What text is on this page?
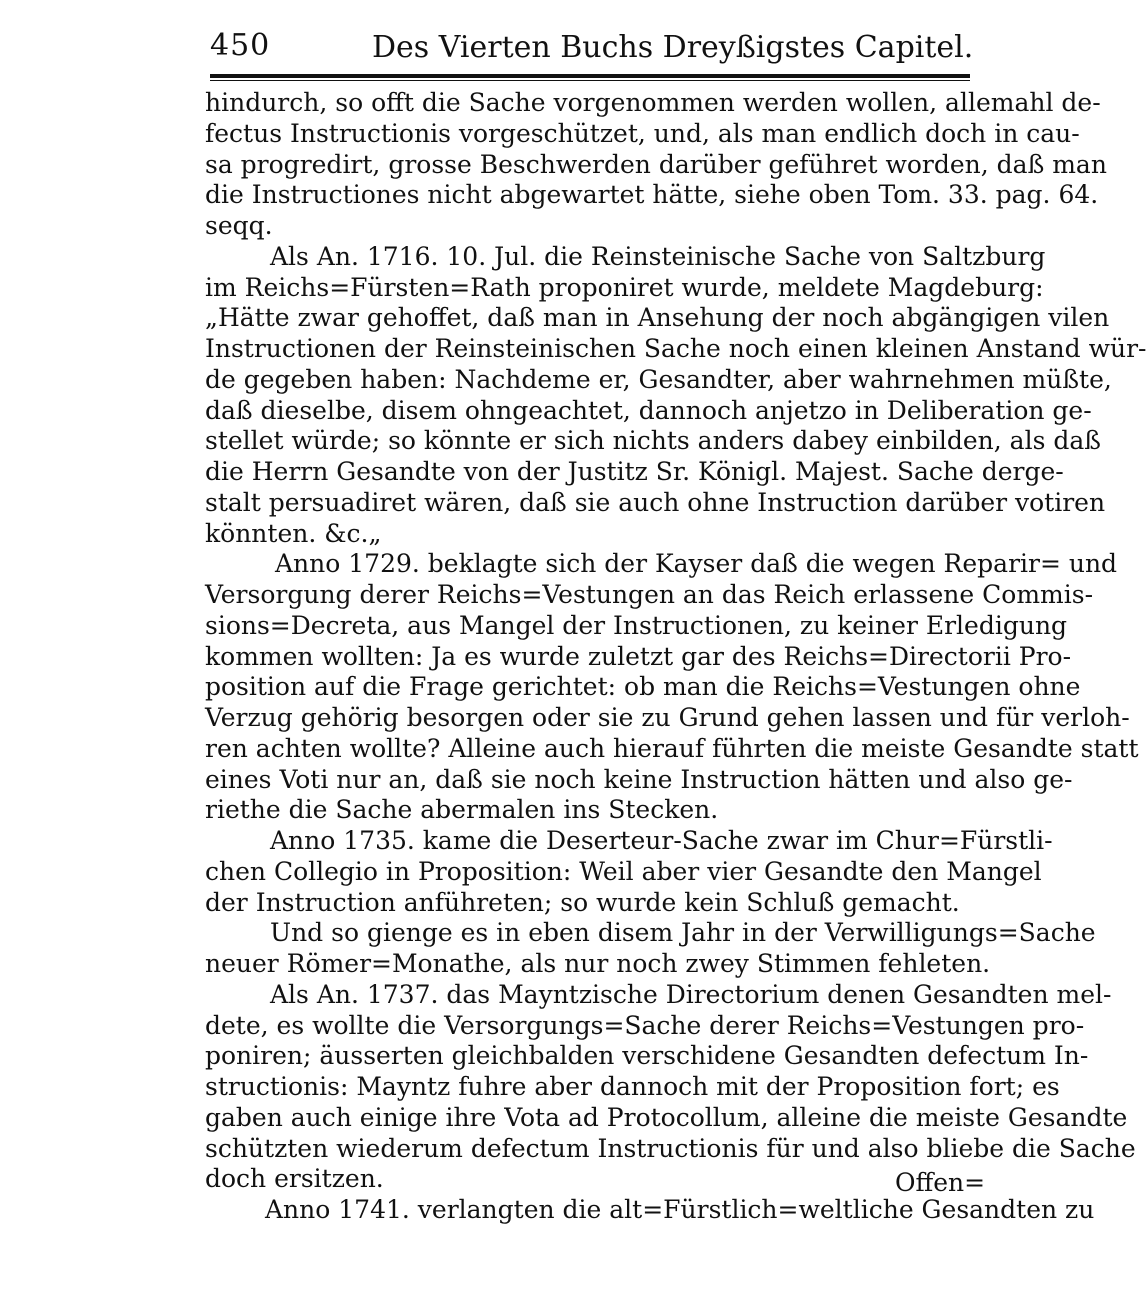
450	Des Vierten Buchs Dreyßigstes Capitel.
hindurch, so offt die Sache vorgenommen werden wollen, allemahl de-
fectus Instructionis vorgeschützet, und, als man endlich doch in cau-
sa progredirt, grosse Beschwerden darüber geführet worden, daß man
die Instructiones nicht abgewartet hätte, siehe oben Tom. 33. pag. 64.
seqq.
Als An. 1716. 10. Jul. die Reinsteinische Sache von Saltzburg
im Reichs=Fürsten=Rath proponiret wurde, meldete Magdeburg:
„Hätte zwar gehoffet, daß man in Ansehung der noch abgängigen vilen
Instructionen der Reinsteinischen Sache noch einen kleinen Anstand wür-
de gegeben haben: Nachdeme er, Gesandter, aber wahrnehmen müßte,
daß dieselbe, disem ohngeachtet, dannoch anjetzo in Deliberation ge-
stellet würde; so könnte er sich nichts anders dabey einbilden, als daß
die Herrn Gesandte von der Justitz Sr. Königl. Majest. Sache derge-
stalt persuadiret wären, daß sie auch ohne Instruction darüber votiren
könnten. &c.„
Anno 1729. beklagte sich der Kayser daß die wegen Reparir= und
Versorgung derer Reichs=Vestungen an das Reich erlassene Commis-
sions=Decreta, aus Mangel der Instructionen, zu keiner Erledigung
kommen wollten: Ja es wurde zuletzt gar des Reichs=Directorii Pro-
position auf die Frage gerichtet: ob man die Reichs=Vestungen ohne
Verzug gehörig besorgen oder sie zu Grund gehen lassen und für verloh-
ren achten wollte? Alleine auch hierauf führten die meiste Gesandte statt
eines Voti nur an, daß sie noch keine Instruction hätten und also ge-
riethe die Sache abermalen ins Stecken.
Anno 1735. kame die Deserteur-Sache zwar im Chur=Fürstli-
chen Collegio in Proposition: Weil aber vier Gesandte den Mangel
der Instruction anführeten; so wurde kein Schluß gemacht.
Und so gienge es in eben disem Jahr in der Verwilligungs=Sache
neuer Römer=Monathe, als nur noch zwey Stimmen fehleten.
Als An. 1737. das Mayntzische Directorium denen Gesandten mel-
dete, es wollte die Versorgungs=Sache derer Reichs=Vestungen pro-
poniren; äusserten gleichbalden verschidene Gesandten defectum In-
structionis: Mayntz fuhre aber dannoch mit der Proposition fort; es
gaben auch einige ihre Vota ad Protocollum, alleine die meiste Gesandte
schützten wiederum defectum Instructionis für und also bliebe die Sache
doch ersitzen.
Anno 1741. verlangten die alt=Fürstlich=weltliche Gesandten zu
Offen=
